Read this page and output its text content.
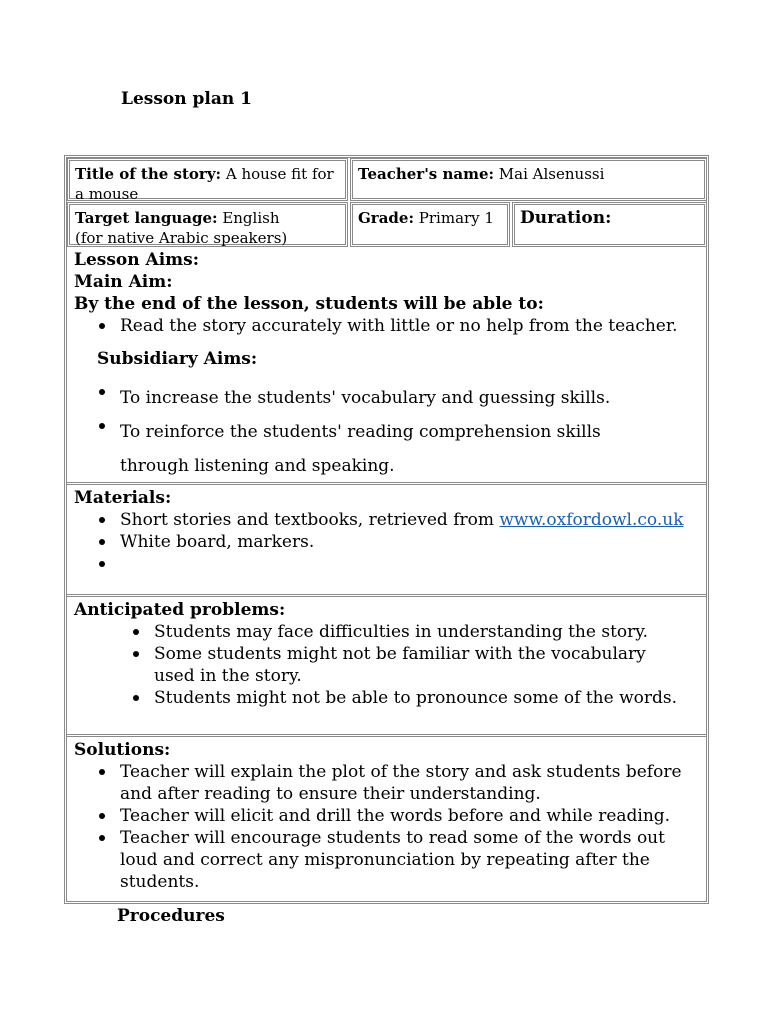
Lesson plan 1
Title of the story: A house fit for a mouse
Teacher's name: Mai Alsenussi
Target language: English
(for native Arabic speakers)
Grade: Primary 1	Duration:
Lesson Aims:
Main Aim:
By the end of the lesson, students will be able to:
Read the story accurately with little or no help from the teacher.
Subsidiary Aims:
To increase the students' vocabulary and guessing skills.
To reinforce the students' reading comprehension skills through listening and speaking.
Materials:
Short stories and textbooks, retrieved from www.oxfordowl.co.uk
White board, markers.
Anticipated problems:
Students may face difficulties in understanding the story.
Some students might not be familiar with the vocabulary used in the story.
Students might not be able to pronounce some of the words.
Solutions:
Teacher will explain the plot of the story and ask students before and after reading to ensure their understanding.
Teacher will elicit and drill the words before and while reading.
Teacher will encourage students to read some of the words out loud and correct any mispronunciation by repeating after the students.
Procedures
